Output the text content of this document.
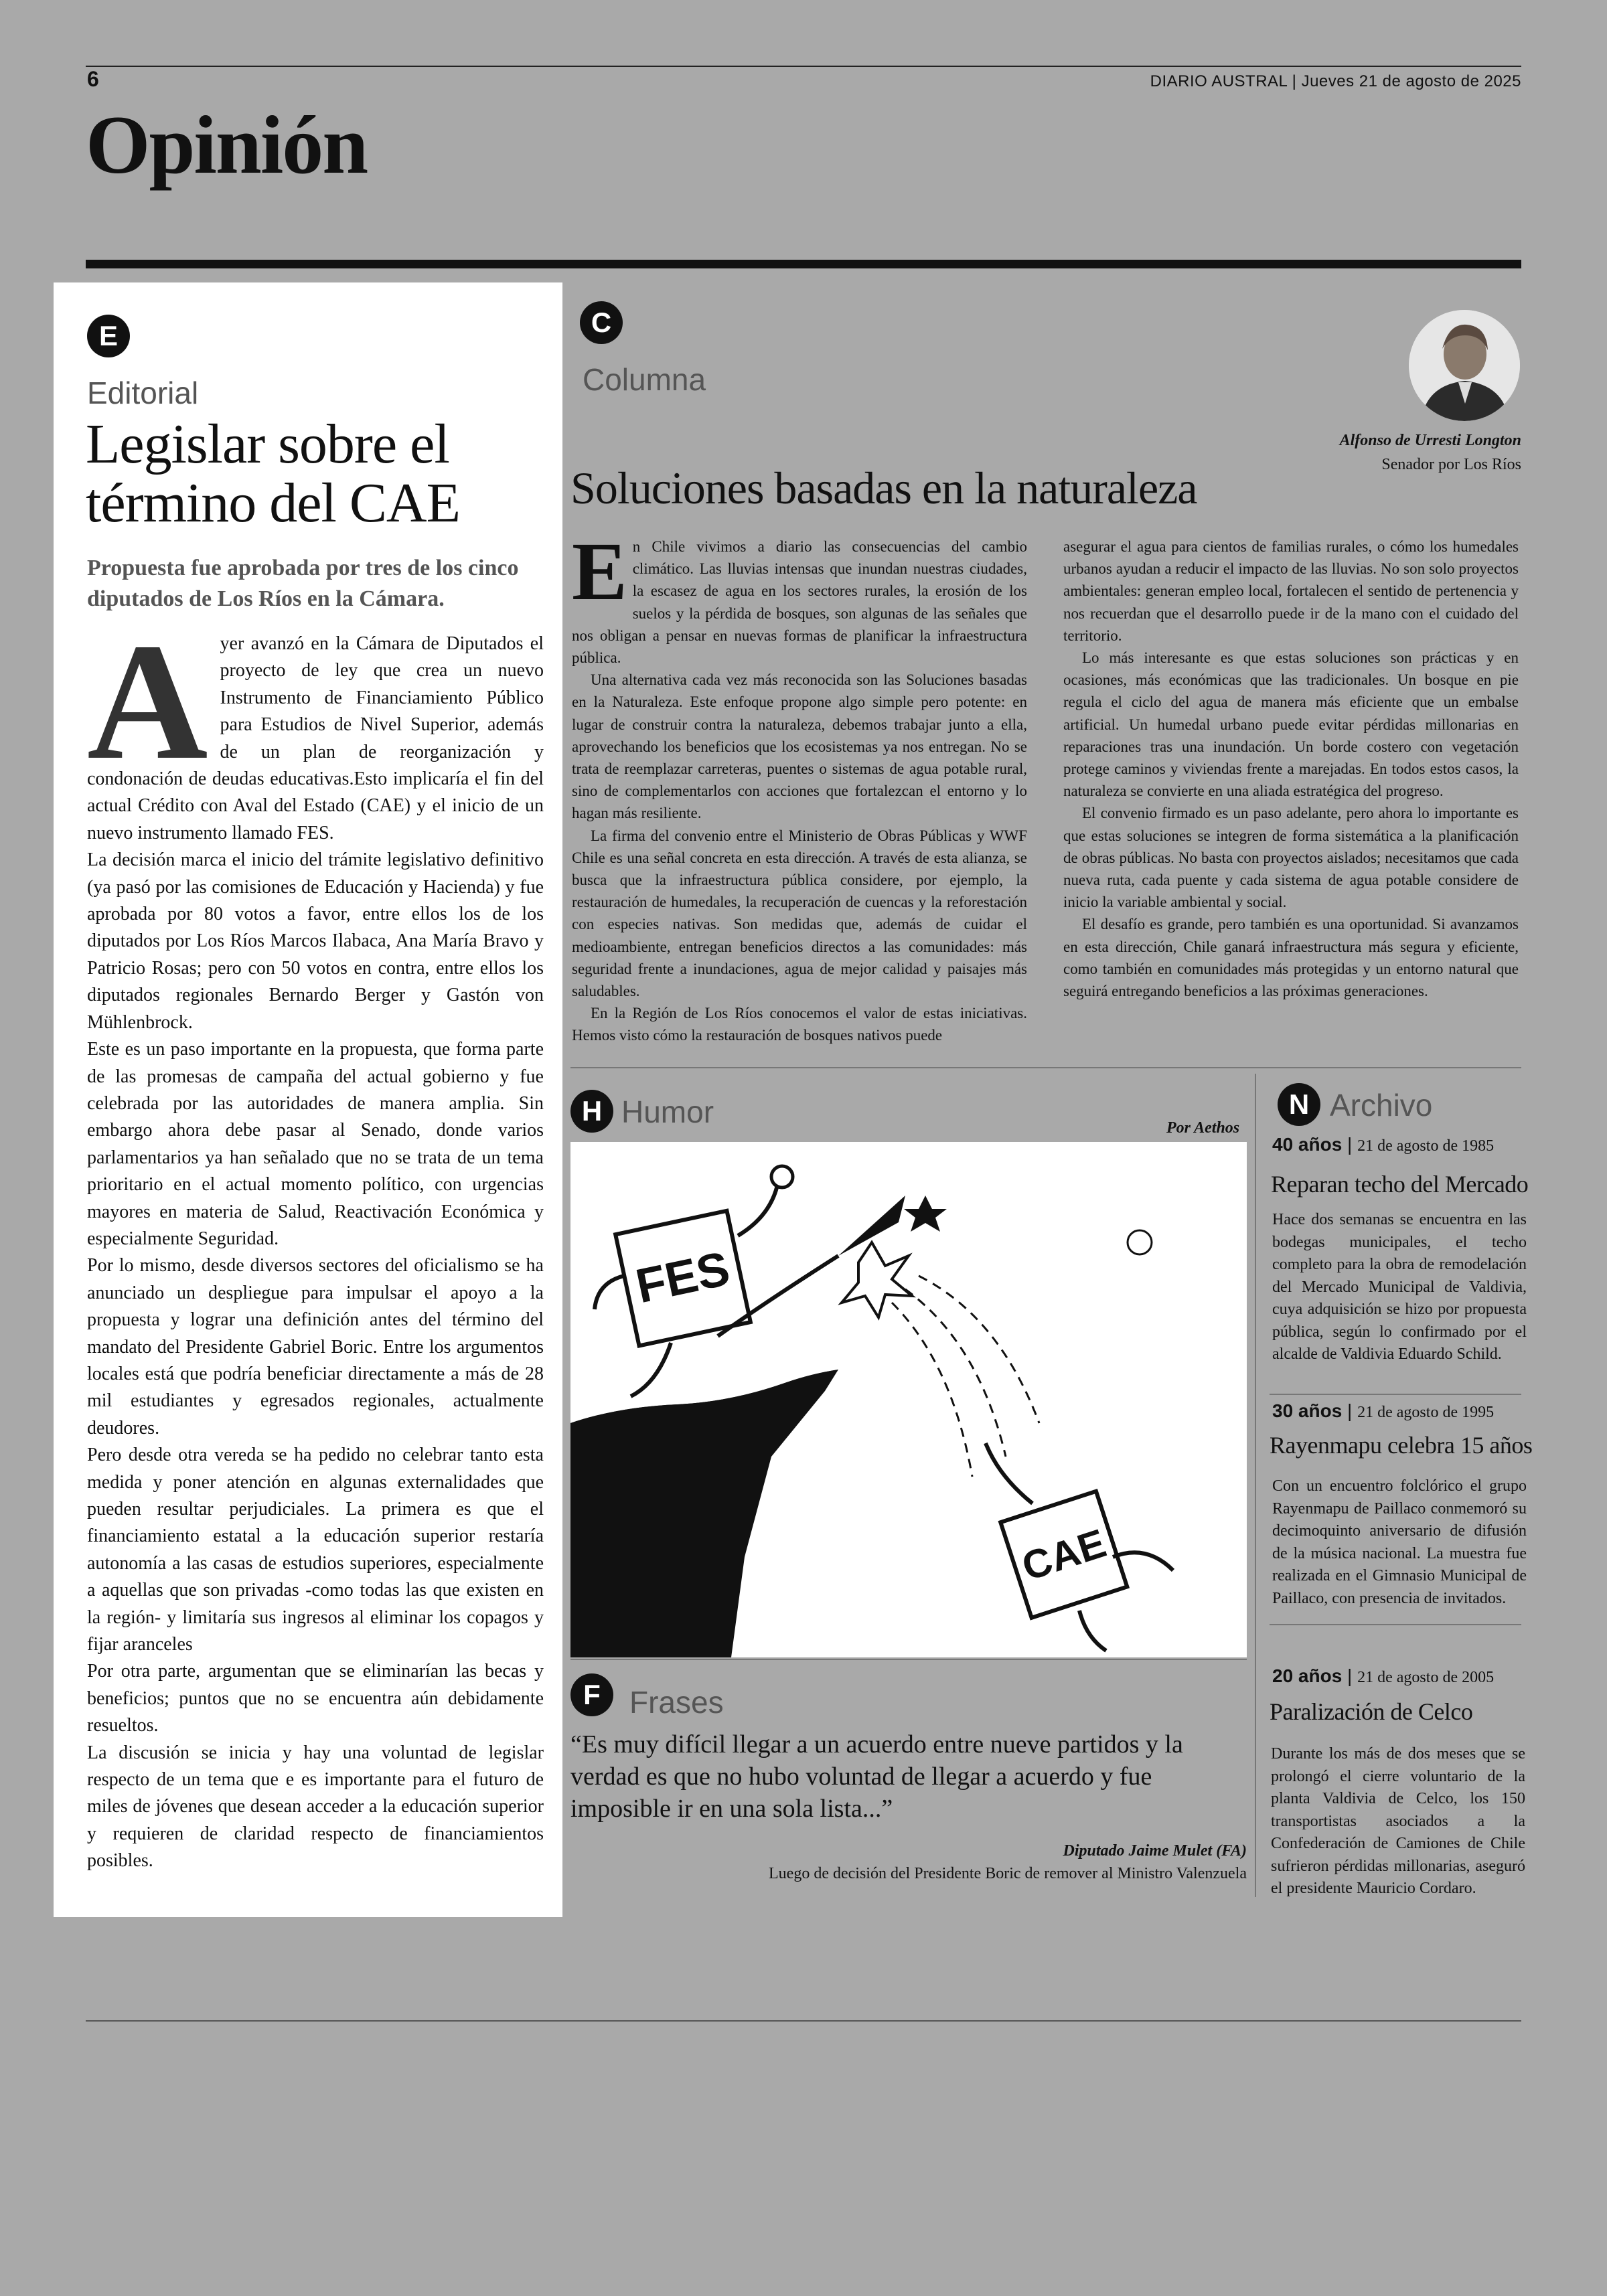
6	DIARIO AUSTRAL | Jueves 21 de agosto de 2025
Opinión
E
Editorial
Legislar sobre el término del CAE
Propuesta fue aprobada por tres de los cinco diputados de Los Ríos en la Cámara.

Ayer avanzó en la Cámara de Diputados el proyecto de ley que crea un nuevo Instrumento de Financiamiento Público para Estudios de Nivel Superior, además de un plan de reorganización y condonación de deudas educativas.Esto implicaría el fin del actual Crédito con Aval del Estado (CAE) y el inicio de un nuevo instrumento llamado FES.

La decisión marca el inicio del trámite legislativo definitivo (ya pasó por las comisiones de Educación y Hacienda) y fue aprobada por 80 votos a favor, entre ellos los de los diputados por Los Ríos Marcos Ilabaca, Ana María Bravo y Patricio Rosas; pero con 50 votos en contra, entre ellos los diputados regionales Bernardo Berger y Gastón von Mühlenbrock.

Este es un paso importante en la propuesta, que forma parte de las promesas de campaña del actual gobierno y fue celebrada por las autoridades de manera amplia. Sin embargo ahora debe pasar al Senado, donde varios parlamentarios ya han señalado que no se trata de un tema prioritario en el actual momento político, con urgencias mayores en materia de Salud, Reactivación Económica y especialmente Seguridad.

Por lo mismo, desde diversos sectores del oficialismo se ha anunciado un despliegue para impulsar el apoyo a la propuesta y lograr una definición antes del término del mandato del Presidente Gabriel Boric. Entre los argumentos locales está que podría beneficiar directamente a más de 28 mil estudiantes y egresados regionales, actualmente deudores.

Pero desde otra vereda se ha pedido no celebrar tanto esta medida y poner atención en algunas externalidades que pueden resultar perjudiciales. La primera es que el financiamiento estatal a la educación superior restaría autonomía a las casas de estudios superiores, especialmente a aquellas que son privadas -como todas las que existen en la región- y limitaría sus ingresos al eliminar los copagos y fijar aranceles

Por otra parte, argumentan que se eliminarían las becas y beneficios; puntos que no se encuentra aún debidamente resueltos.

La discusión se inicia y hay una voluntad de legislar respecto de un tema que e es importante para el futuro de miles de jóvenes que desean acceder a la educación superior y requieren de claridad respecto de financiamientos posibles.

C
Columna
Alfonso de Urresti Longton
Senador por Los Ríos
Soluciones basadas en la naturaleza

En Chile vivimos a diario las consecuencias del cambio climático. Las lluvias intensas que inundan nuestras ciudades, la escasez de agua en los sectores rurales, la erosión de los suelos y la pérdida de bosques, son algunas de las señales que nos obligan a pensar en nuevas formas de planificar la infraestructura pública.

Una alternativa cada vez más reconocida son las Soluciones basadas en la Naturaleza. Este enfoque propone algo simple pero potente: en lugar de construir contra la naturaleza, debemos trabajar junto a ella, aprovechando los beneficios que los ecosistemas ya nos entregan. No se trata de reemplazar carreteras, puentes o sistemas de agua potable rural, sino de complementarlos con acciones que fortalezcan el entorno y lo hagan más resiliente.

La firma del convenio entre el Ministerio de Obras Públicas y WWF Chile es una señal concreta en esta dirección. A través de esta alianza, se busca que la infraestructura pública considere, por ejemplo, la restauración de humedales, la recuperación de cuencas y la reforestación con especies nativas. Son medidas que, además de cuidar el medioambiente, entregan beneficios directos a las comunidades: más seguridad frente a inundaciones, agua de mejor calidad y paisajes más saludables.

En la Región de Los Ríos conocemos el valor de estas iniciativas. Hemos visto cómo la restauración de bosques nativos puede

asegurar el agua para cientos de familias rurales, o cómo los humedales urbanos ayudan a reducir el impacto de las lluvias. No son solo proyectos ambientales: generan empleo local, fortalecen el sentido de pertenencia y nos recuerdan que el desarrollo puede ir de la mano con el cuidado del territorio.

Lo más interesante es que estas soluciones son prácticas y en ocasiones, más económicas que las tradicionales. Un bosque en pie regula el ciclo del agua de manera más eficiente que un embalse artificial. Un humedal urbano puede evitar pérdidas millonarias en reparaciones tras una inundación. Un borde costero con vegetación protege caminos y viviendas frente a marejadas. En todos estos casos, la naturaleza se convierte en una aliada estratégica del progreso.

El convenio firmado es un paso adelante, pero ahora lo importante es que estas soluciones se integren de forma sistemática a la planificación de obras públicas. No basta con proyectos aislados; necesitamos que cada nueva ruta, cada puente y cada sistema de agua potable considere de inicio la variable ambiental y social.

El desafío es grande, pero también es una oportunidad. Si avanzamos en esta dirección, Chile ganará infraestructura más segura y eficiente, como también en comunidades más protegidas y un entorno natural que seguirá entregando beneficios a las próximas generaciones.

H Humor	Por Aethos
FES
CAE
F Frases
“Es muy difícil llegar a un acuerdo entre nueve partidos y la verdad es que no hubo voluntad de llegar a acuerdo y fue imposible ir en una sola lista...”
Diputado Jaime Mulet (FA)
Luego de decisión del Presidente Boric de remover al Ministro Valenzuela
N Archivo
40 años | 21 de agosto de 1985
Reparan techo del Mercado
Hace dos semanas se encuentra en las bodegas municipales, el techo completo para la obra de remodelación del Mercado Municipal de Valdivia, cuya adquisición se hizo por propuesta pública, según lo confirmado por el alcalde de Valdivia Eduardo Schild.
30 años | 21 de agosto de 1995
Rayenmapu celebra 15 años
Con un encuentro folclórico el grupo Rayenmapu de Paillaco conmemoró su decimoquinto aniversario de difusión de la música nacional. La muestra fue realizada en el Gimnasio Municipal de Paillaco, con presencia de invitados.
20 años | 21 de agosto de 2005
Paralización de Celco
Durante los más de dos meses que se prolongó el cierre voluntario de la planta Valdivia de Celco, los 150 transportistas asociados a la Confederación de Camiones de Chile sufrieron pérdidas millonarias, aseguró el presidente Mauricio Cordaro.
